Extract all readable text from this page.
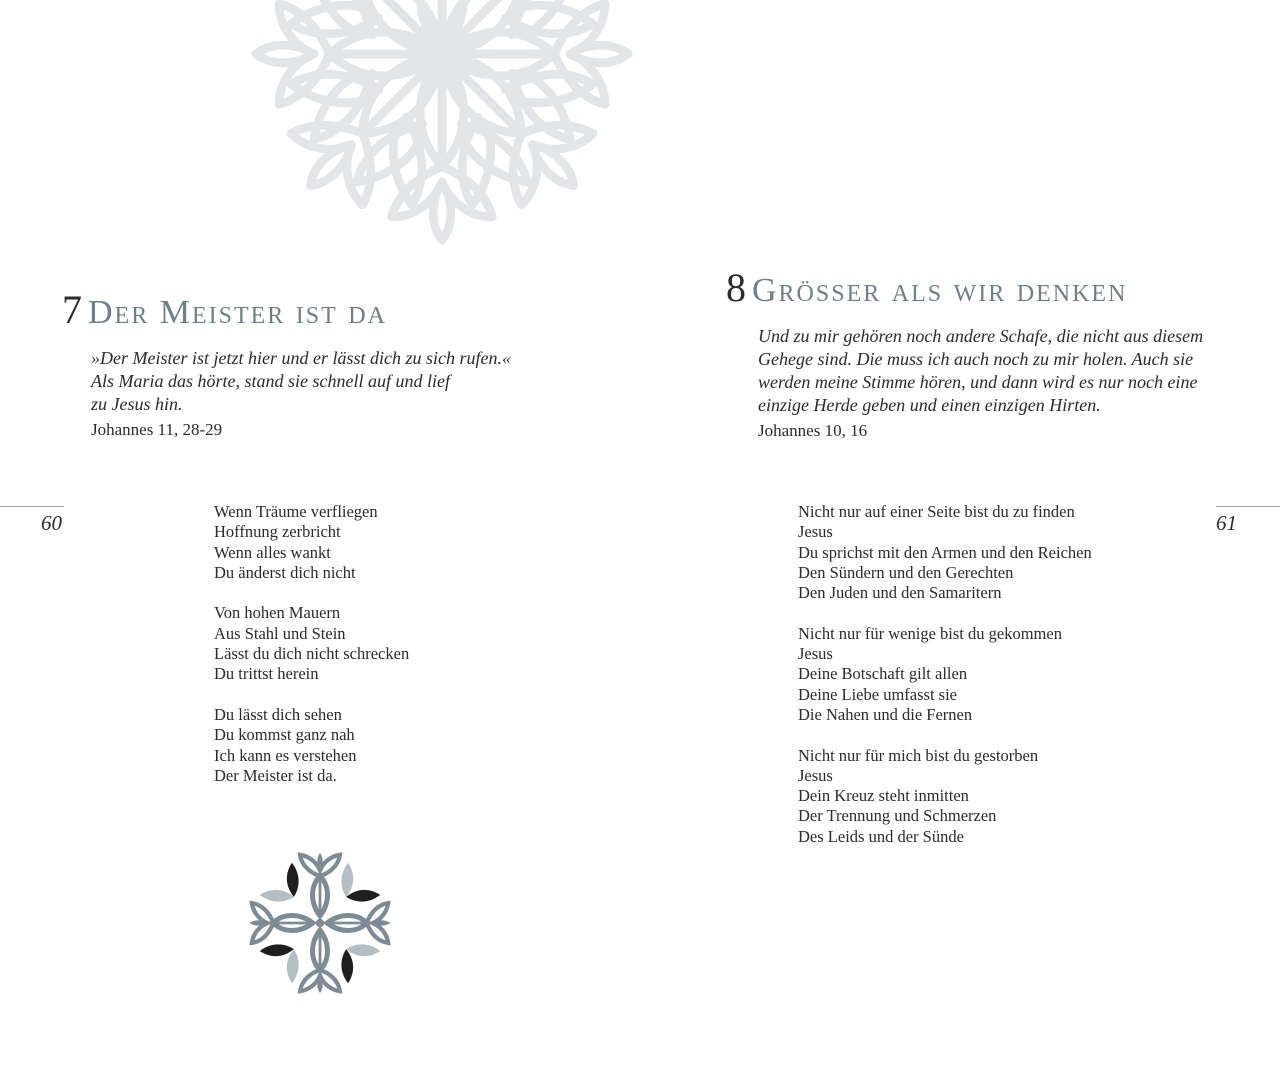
7 Der Meister ist da
»Der Meister ist jetzt hier und er lässt dich zu sich rufen.«
Als Maria das hörte, stand sie schnell auf und lief
zu Jesus hin.
Johannes 11, 28-29
60	Wenn Träume verfliegen
Hoffnung zerbricht
Wenn alles wankt
Du änderst dich nicht
Von hohen Mauern
Aus Stahl und Stein
Lässt du dich nicht schrecken
Du trittst herein
Du lässt dich sehen
Du kommst ganz nah
Ich kann es verstehen
Der Meister ist da.
8 Grösser als wir denken
Und zu mir gehören noch andere Schafe, die nicht aus diesem
Gehege sind. Die muss ich auch noch zu mir holen. Auch sie
werden meine Stimme hören, und dann wird es nur noch eine
einzige Herde geben und einen einzigen Hirten.
Johannes 10, 16
61
Nicht nur auf einer Seite bist du zu finden
Jesus
Du sprichst mit den Armen und den Reichen
Den Sündern und den Gerechten
Den Juden und den Samaritern
Nicht nur für wenige bist du gekommen
Jesus
Deine Botschaft gilt allen
Deine Liebe umfasst sie
Die Nahen und die Fernen
Nicht nur für mich bist du gestorben
Jesus
Dein Kreuz steht inmitten
Der Trennung und Schmerzen
Des Leids und der Sünde
